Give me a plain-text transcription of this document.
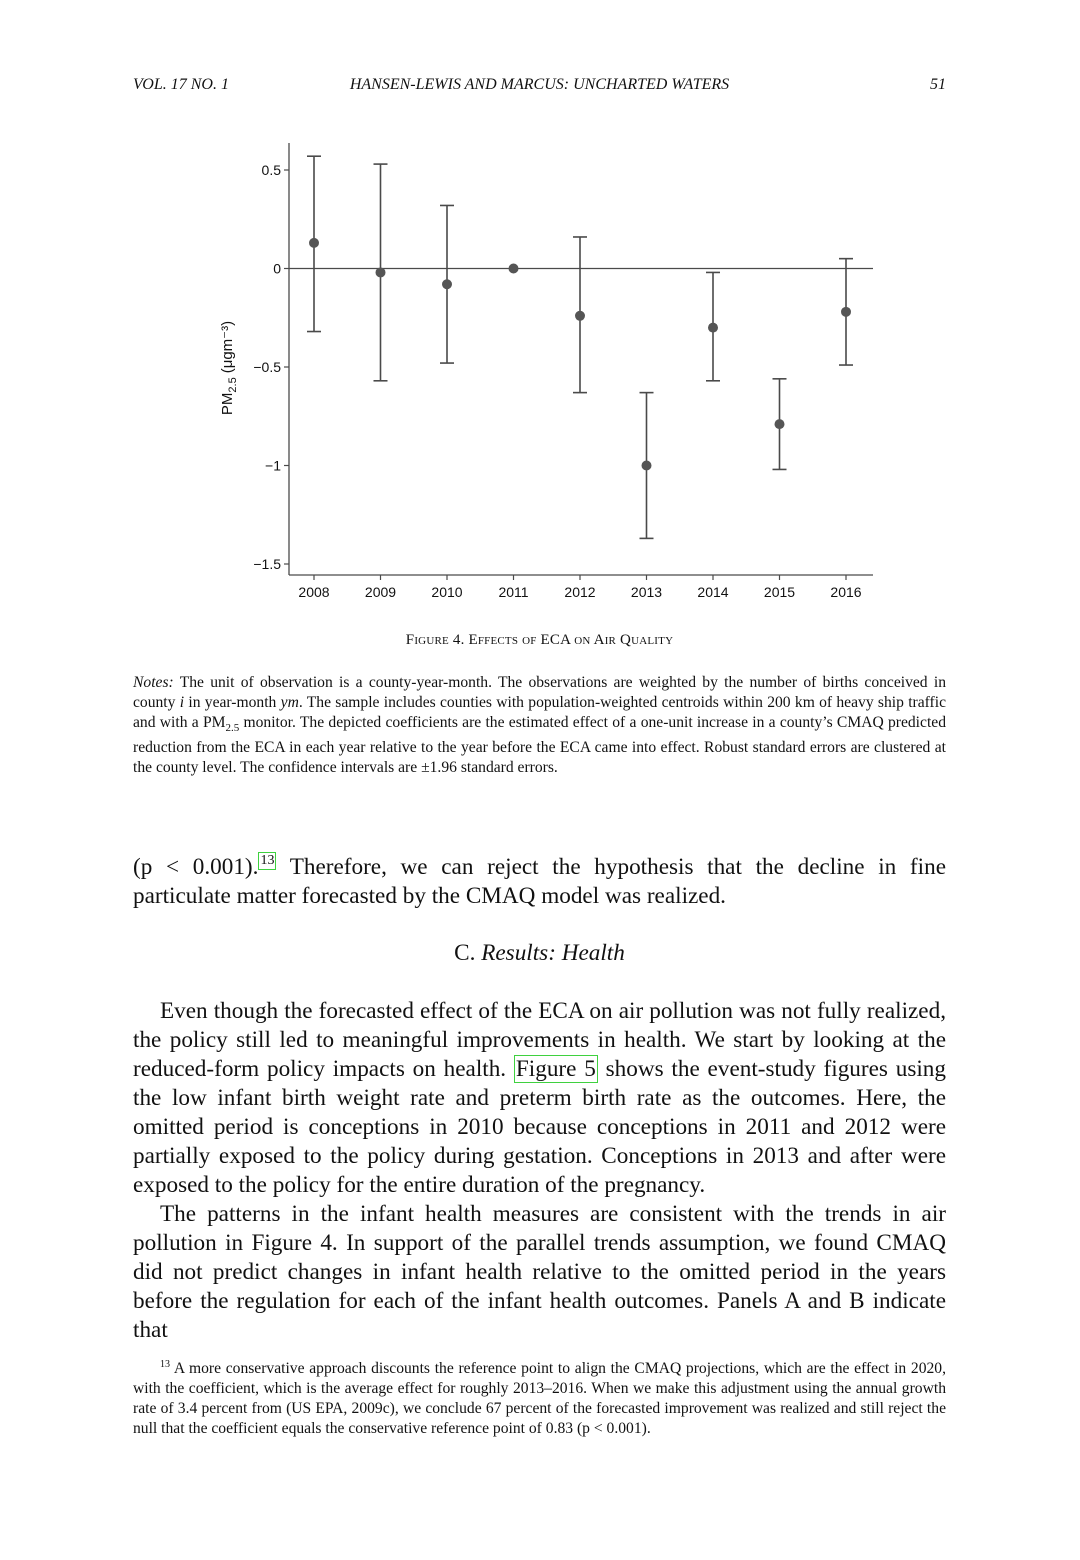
VOL. 17 NO. 1	HANSEN-LEWIS AND MARCUS: UNCHARTED WATERS	51
$PM_{2.5}(\mu gm^{-3})$
0.5
0
−0.5
−1
−1.5
2008	2009	2010	2011	2012	2013	2014	2015	2016
Figure 4. Effects of ECA on Air Quality
Notes: The unit of observation is a county-year-month. The observations are weighted by the number of births conceived in county i in year-month ym. The sample includes counties with population-weighted centroids within 200 km of heavy ship traffic and with a $PM_{2.5}$ monitor. The depicted coefficients are the estimated effect of a one-unit increase in a county’s CMAQ predicted reduction from the ECA in each year relative to the year before the ECA came into effect. Robust standard errors are clustered at the county level. The confidence intervals are ±1.96 standard errors.
(p < 0.001). 13 Therefore, we can reject the hypothesis that the decline in fine particulate matter forecasted by the CMAQ model was realized.
C. Results: Health

Even though the forecasted effect of the ECA on air pollution was not fully realized, the policy still led to meaningful improvements in health. We start by looking at the reduced-form policy impacts on health. Figure 5 shows the event-study figures using the low infant birth weight rate and preterm birth rate as the outcomes. Here, the omitted period is conceptions in 2010 because conceptions in 2011 and 2012 were partially exposed to the policy during gestation. Conceptions in 2013 and after were exposed to the policy for the entire duration of the pregnancy.

The patterns in the infant health measures are consistent with the trends in air pollution in Figure 4. In support of the parallel trends assumption, we found CMAQ did not predict changes in infant health relative to the omitted period in the years before the regulation for each of the infant health outcomes. Panels A and B indicate that

$^{13}$ A more conservative approach discounts the reference point to align the CMAQ projections, which are the effect in 2020, with the coefficient, which is the average effect for roughly 2013–2016. When we make this adjustment using the annual growth rate of 3.4 percent from (US EPA, 2009c), we conclude 67 percent of the forecasted improvement was realized and still reject the null that the coefficient equals the conservative reference point of 0.83 (p < 0.001).
